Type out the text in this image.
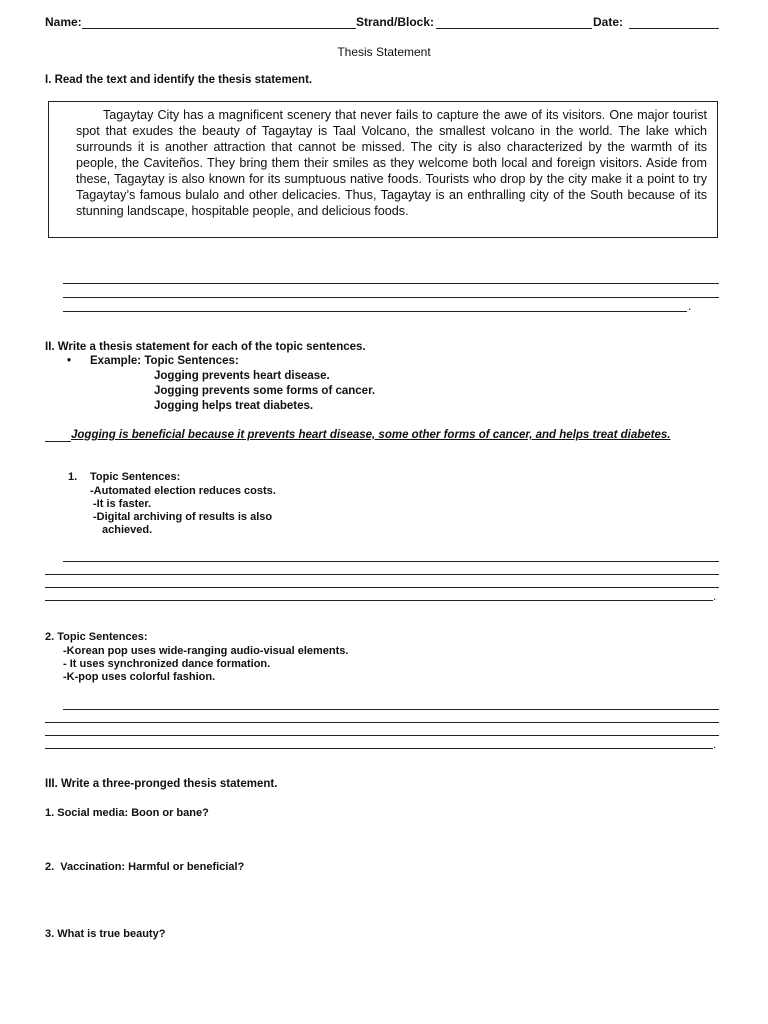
Name:	Strand/Block:	Date:
Thesis Statement
I. Read the text and identify the thesis statement.

Tagaytay City has a magnificent scenery that never fails to capture the awe of its visitors. One major tourist spot that exudes the beauty of Tagaytay is Taal Volcano, the smallest volcano in the world. The lake which surrounds it is another attraction that cannot be missed. The city is also characterized by the warmth of its people, the Caviteños. They bring them their smiles as they welcome both local and foreign visitors. Aside from these, Tagaytay is also known for its sumptuous native foods. Tourists who drop by the city make it a point to try Tagaytay’s famous bulalo and other delicacies. Thus, Tagaytay is an enthralling city of the South because of its stunning landscape, hospitable people, and delicious foods.

.
II. Write a thesis statement for each of the topic sentences.
• Example: Topic Sentences:
Jogging prevents heart disease.
Jogging prevents some forms of cancer.
Jogging helps treat diabetes.
Jogging is beneficial because it prevents heart disease, some other forms of cancer, and helps treat diabetes.
1. Topic Sentences:
-Automated election reduces costs.
-It is faster.
-Digital archiving of results is also
achieved.
.
2. Topic Sentences:
-Korean pop uses wide-ranging audio-visual elements.
- It uses synchronized dance formation.
-K-pop uses colorful fashion.
.
III. Write a three-pronged thesis statement.
1. Social media: Boon or bane?
2.  Vaccination: Harmful or beneficial?
3. What is true beauty?
